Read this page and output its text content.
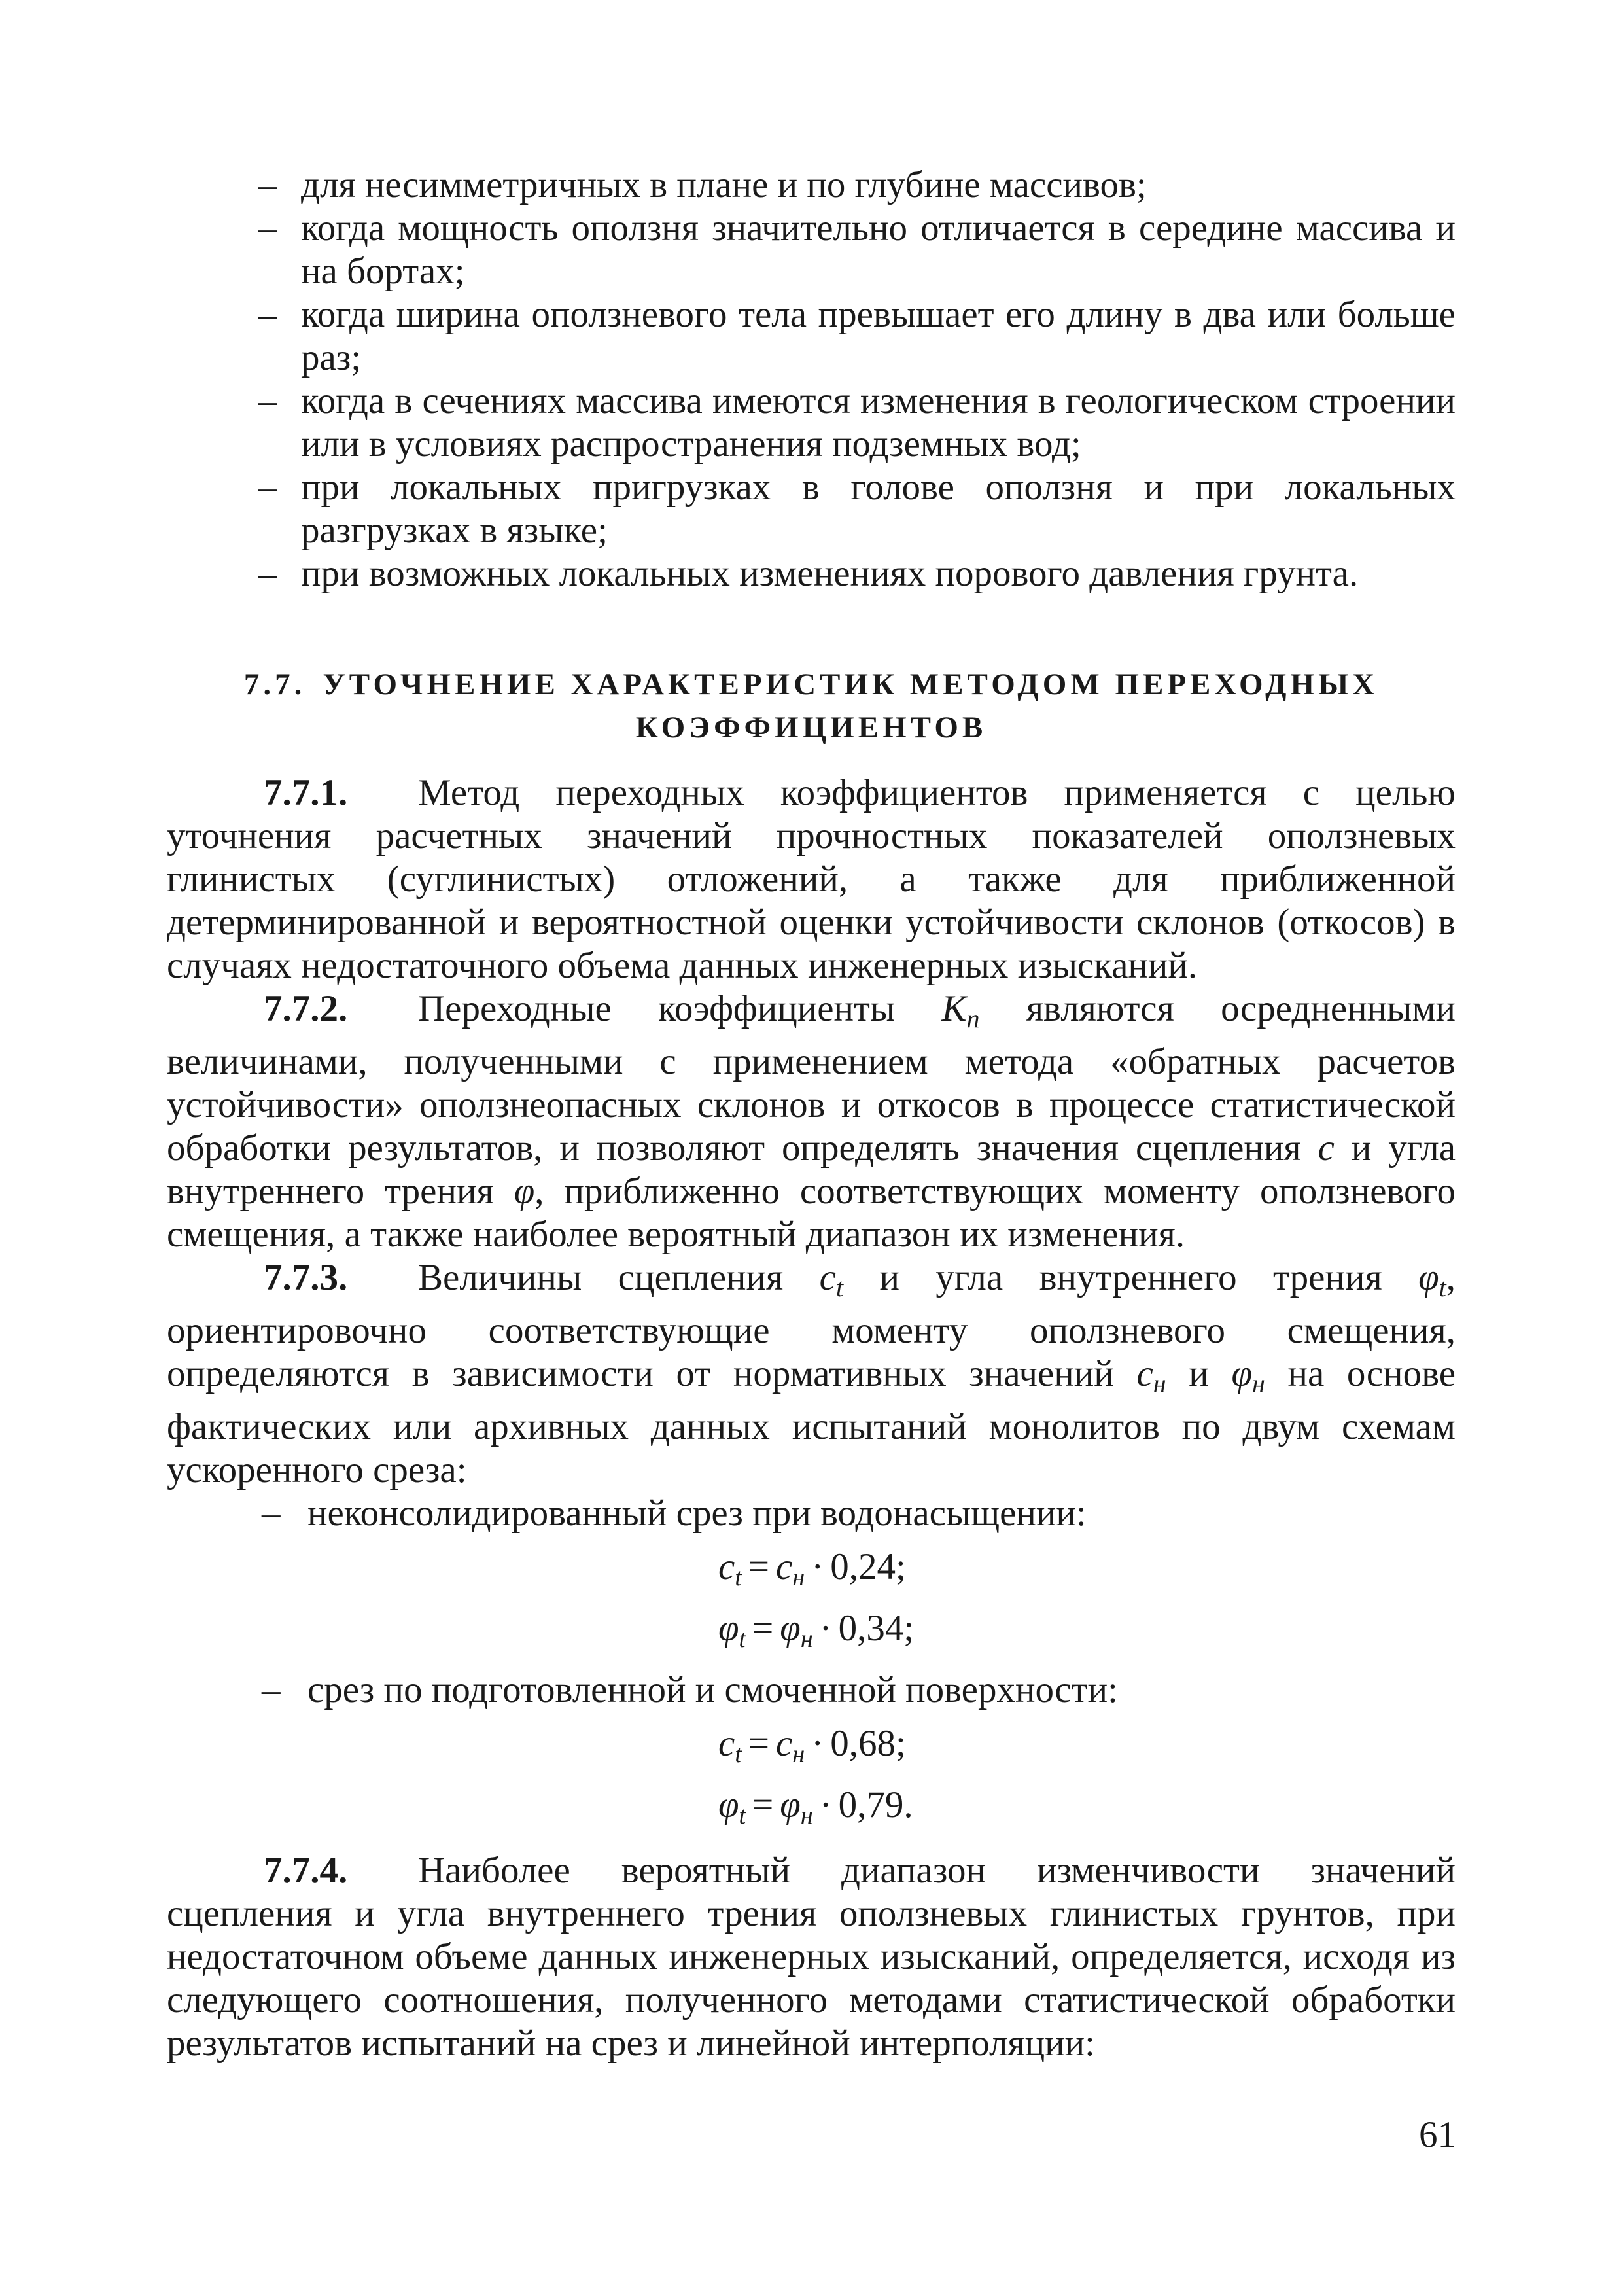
– для несимметричных в плане и по глубине массивов;
– когда мощность оползня значительно отличается в середине массива и на бортах;
– когда ширина оползневого тела превышает его длину в два или больше раз;
– когда в сечениях массива имеются изменения в геологическом строении или в условиях распространения подземных вод;
– при локальных пригрузках в голове оползня и при локальных разгрузках в языке;
– при возможных локальных изменениях порового давления грунта.
7.7. УТОЧНЕНИЕ ХАРАКТЕРИСТИК МЕТОДОМ ПЕРЕХОДНЫХ
КОЭФФИЦИЕНТОВ

7.7.1. Метод переходных коэффициентов применяется с целью уточнения расчетных значений прочностных показателей оползневых глинистых (суглинистых) отложений, а также для приближенной детерминированной и вероятностной оценки устойчивости склонов (откосов) в случаях недостаточного объема данных инженерных изысканий.

7.7.2. Переходные коэффициенты Kп являются осредненными величинами, полученными с применением метода «обратных расчетов устойчивости» оползнеопасных склонов и откосов в процессе статистической обработки результатов, и позволяют определять значения сцепления c и угла внутреннего трения φ, приближенно соответствующих моменту оползневого смещения, а также наиболее вероятный диапазон их изменения.

7.7.3. Величины сцепления ct и угла внутреннего трения φt, ориентировочно соответствующие моменту оползневого смещения, определяются в зависимости от нормативных значений cн и φн на основе фактических или архивных данных испытаний монолитов по двум схемам ускоренного среза:

– неконсолидированный срез при водонасыщении:
$c_t = c_н \cdot 0,24$;
$\varphi_t = \varphi_н \cdot 0,34$;
– срез по подготовленной и смоченной поверхности:
$c_t = c_н \cdot 0,68$;
$\varphi_t = \varphi_н \cdot 0,79$.

7.7.4. Наиболее вероятный диапазон изменчивости значений сцепления и угла внутреннего трения оползневых глинистых грунтов, при недостаточном объеме данных инженерных изысканий, определяется, исходя из следующего соотношения, полученного методами статистической обработки результатов испытаний на срез и линейной интерполяции:

61
